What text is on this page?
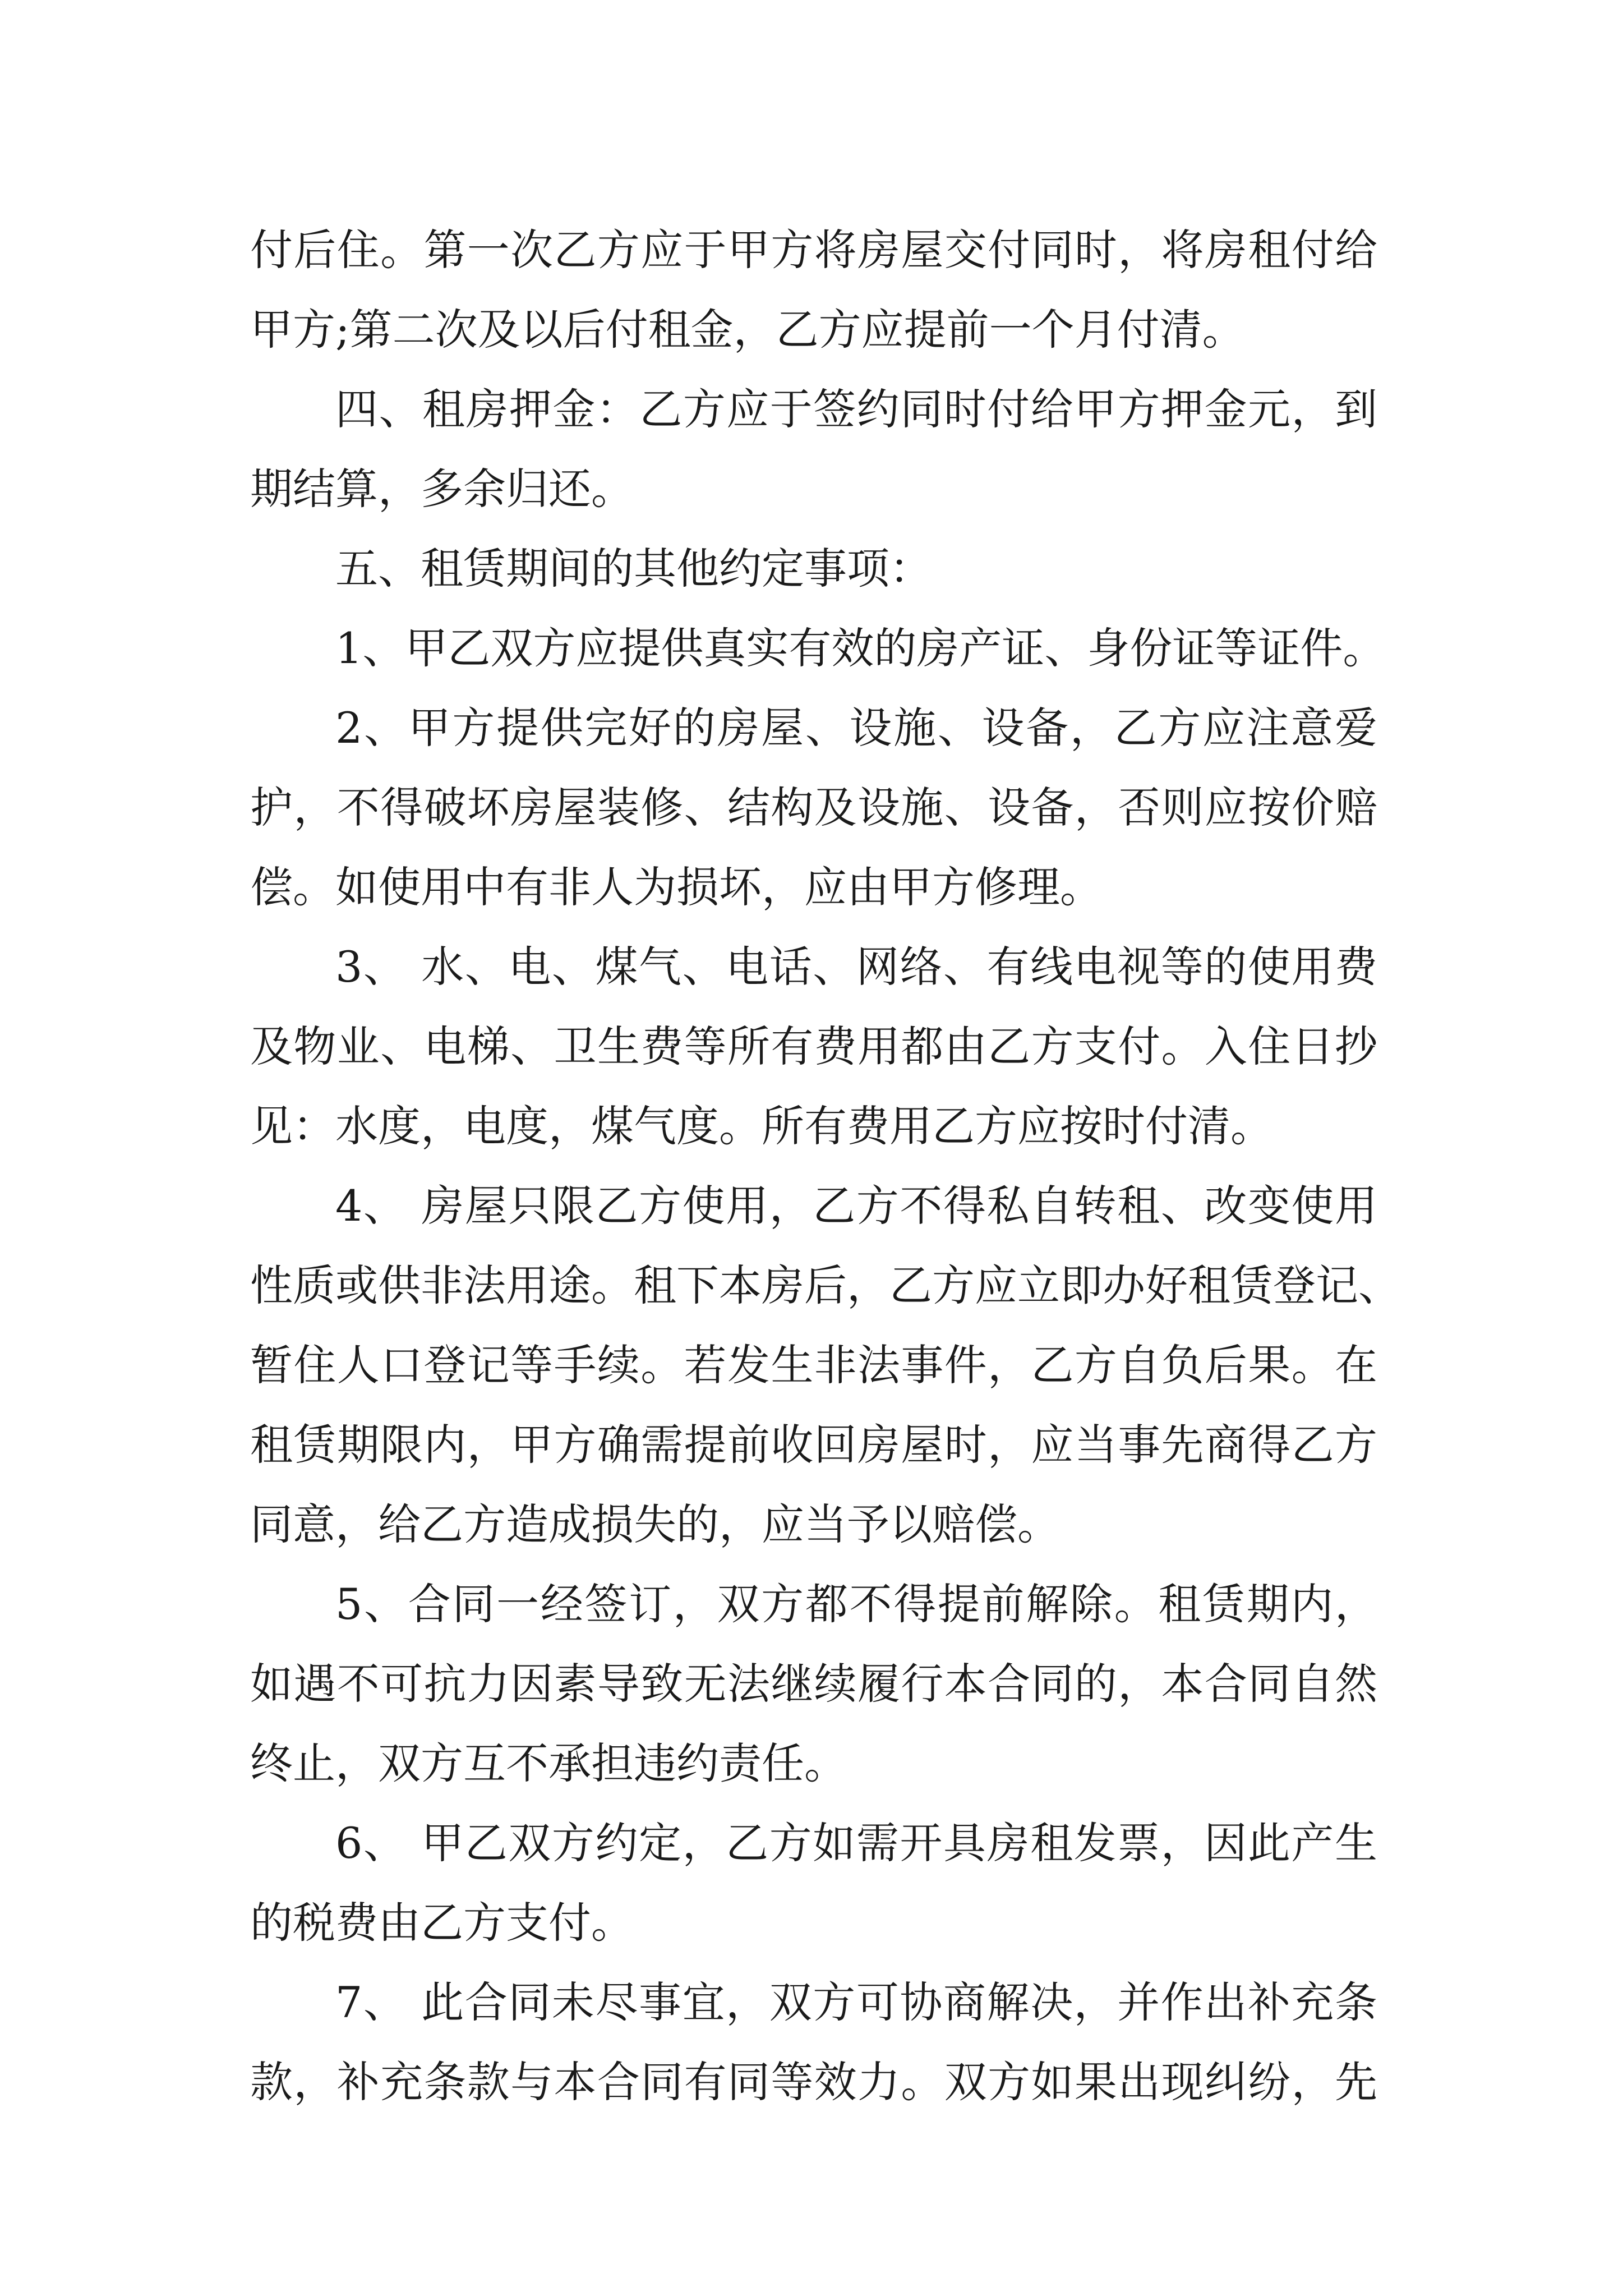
付后住。第一次乙方应于甲方将房屋交付同时，将房租付给
甲方;第二次及以后付租金，乙方应提前一个月付清。
四、租房押金：乙方应于签约同时付给甲方押金元，到
期结算，多余归还。
五、租赁期间的其他约定事项：
1、甲乙双方应提供真实有效的房产证、身份证等证件。
2、甲方提供完好的房屋、设施、设备，乙方应注意爱
护，不得破坏房屋装修、结构及设施、设备，否则应按价赔
偿。如使用中有非人为损坏，应由甲方修理。
3、 水、电、煤气、电话、网络、有线电视等的使用费
及物业、电梯、卫生费等所有费用都由乙方支付。入住日抄
见：水度，电度，煤气度。所有费用乙方应按时付清。
4、 房屋只限乙方使用，乙方不得私自转租、改变使用
性质或供非法用途。租下本房后，乙方应立即办好租赁登记、
暂住人口登记等手续。若发生非法事件，乙方自负后果。在
租赁期限内，甲方确需提前收回房屋时，应当事先商得乙方
同意，给乙方造成损失的，应当予以赔偿。
5、合同一经签订，双方都不得提前解除。租赁期内，
如遇不可抗力因素导致无法继续履行本合同的，本合同自然
终止，双方互不承担违约责任。
6、 甲乙双方约定，乙方如需开具房租发票，因此产生
的税费由乙方支付。
7、 此合同未尽事宜，双方可协商解决，并作出补充条
款，补充条款与本合同有同等效力。双方如果出现纠纷，先
